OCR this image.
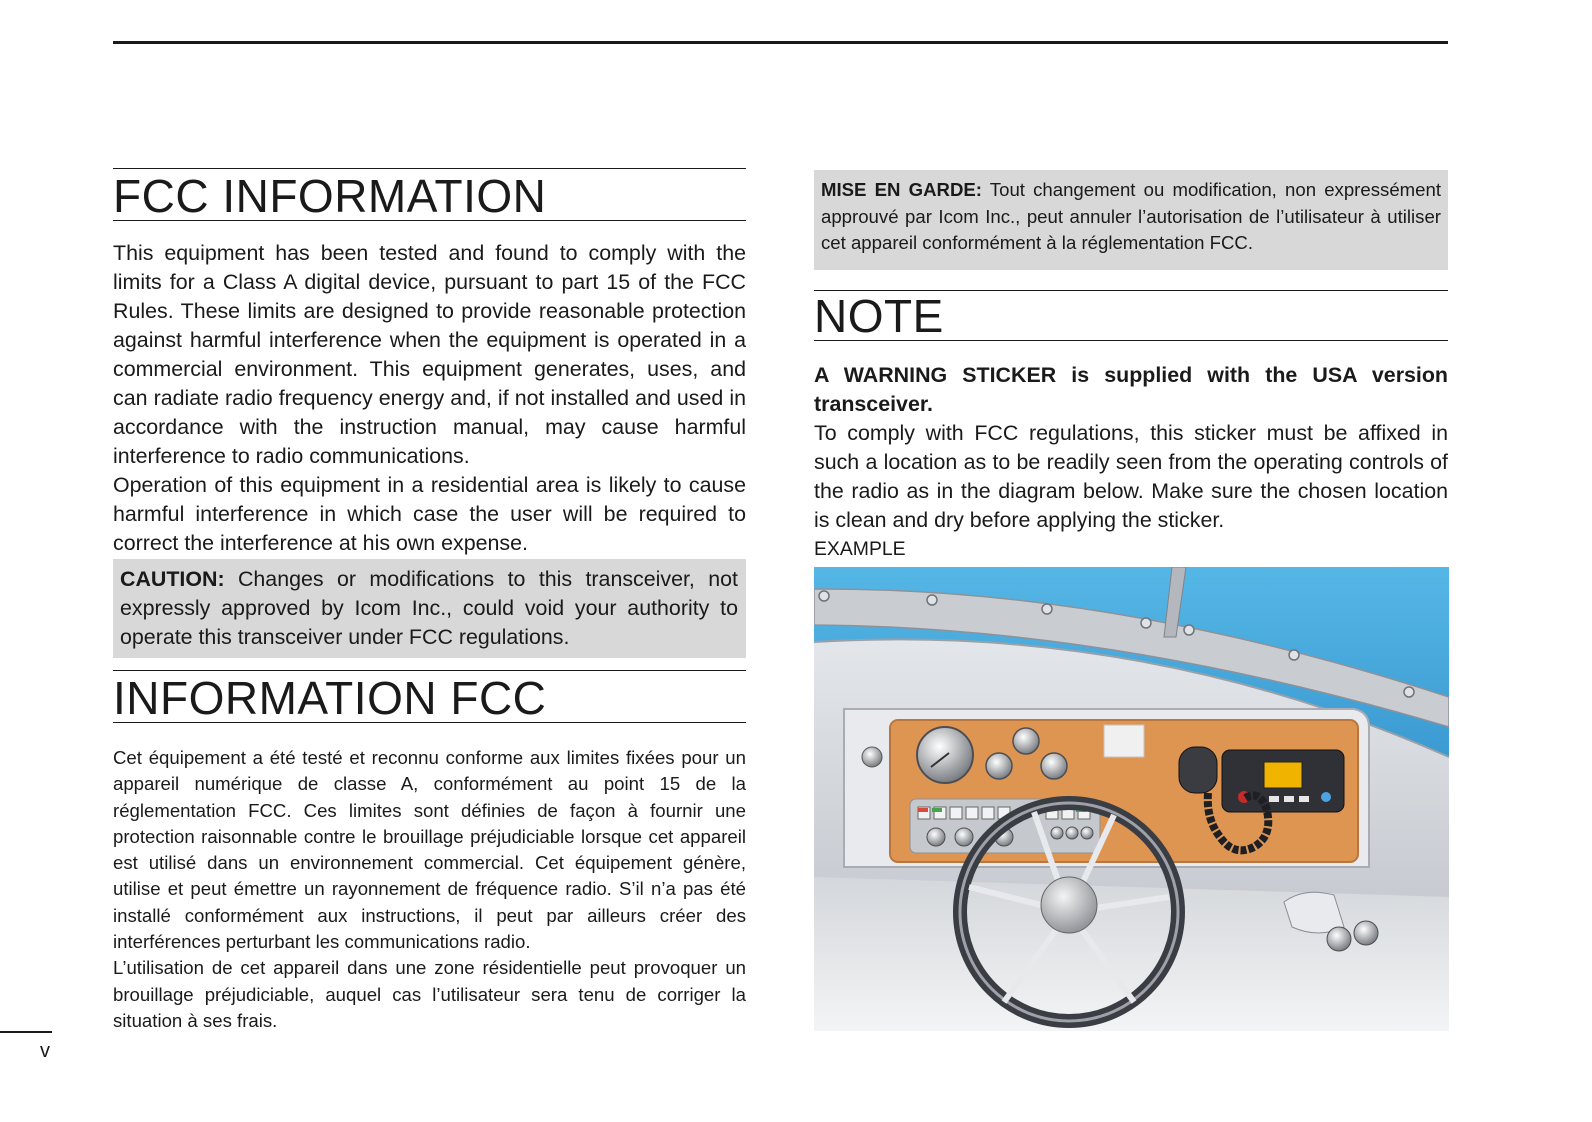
FCC INFORMATION

This equipment has been tested and found to comply with the limits for a Class A digital device, pursuant to part 15 of the FCC Rules. These limits are designed to provide reasonable protection against harmful interference when the equipment is operated in a commercial environment. This equipment generates, uses, and can radiate radio frequency energy and, if not installed and used in accordance with the instruction manual, may cause harmful interference to radio communications.

Operation of this equipment in a residential area is likely to cause harmful interference in which case the user will be required to correct the interference at his own expense.

CAUTION: Changes or modifications to this transceiver, not expressly approved by Icom Inc., could void your authority to operate this transceiver under FCC regulations.

INFORMATION FCC

Cet équipement a été testé et reconnu conforme aux limites fixées pour un appareil numérique de classe A, conformément au point 15 de la réglementation FCC. Ces limites sont définies de façon à fournir une protection raisonnable contre le brouillage préjudiciable lorsque cet appareil est utilisé dans un environnement commercial. Cet équipement génère, utilise et peut émettre un rayonnement de fréquence radio. S’il n’a pas été installé conformément aux instructions, il peut par ailleurs créer des interférences perturbant les communications radio.

L’utilisation de cet appareil dans une zone résidentielle peut provoquer un brouillage préjudiciable, auquel cas l’utilisateur sera tenu de corriger la situation à ses frais.

MISE EN GARDE: Tout changement ou modification, non expressément approuvé par Icom Inc., peut annuler l’autorisation de l’utilisateur à utiliser cet appareil conformément à la réglementation FCC.

NOTE

A WARNING STICKER is supplied with the USA version transceiver.

To comply with FCC regulations, this sticker must be affixed in such a location as to be readily seen from the operating controls of the radio as in the diagram below. Make sure the chosen location is clean and dry before applying the sticker.

EXAMPLE

v
